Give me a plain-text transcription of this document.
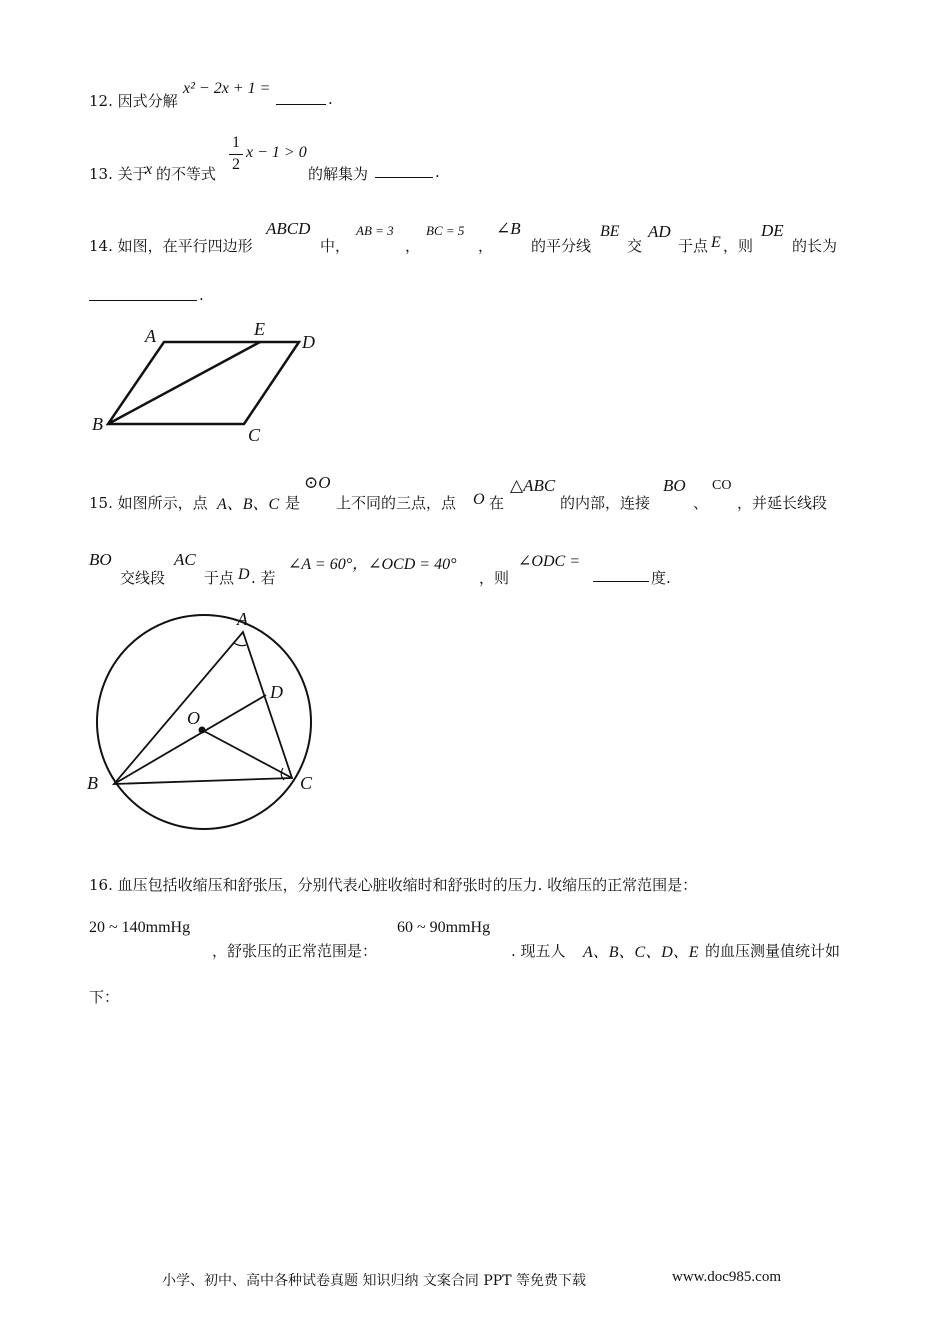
12. 因式分解
x² − 2x + 1 =
.
13. 关于
x 的不等式
1
2
x − 1 > 0
的解集为	.
14. 如图，在平行四边形
ABCD
中，
AB = 3
，
BC = 5
，
∠B
的平分线
BE
交
AD
于点 E ，则
DE
的长为
.
A	E
D
B
C
15. 如图所示，点 A、B、C 是
⊙O
上不同的三点，点 O 在
△ABC
的内部，连接
BO
、
CO
，并延长线段
BO
交线段
AC
于点 D . 若
∠A = 60°，∠OCD = 40°
，则
∠ODC =
度.
A
O
D
B	C
16. 血压包括收缩压和舒张压，分别代表心脏收缩时和舒张时的压力. 收缩压的正常范围是：
20 ~ 140mmHg
，舒张压的正常范围是：
60 ~ 90mmHg
. 现五人 A、B、C、D、E 的血压测量值统计如
下：
小学、初中、高中各种试卷真题 知识归纳 文案合同 PPT 等免费下载	www.doc985.com
